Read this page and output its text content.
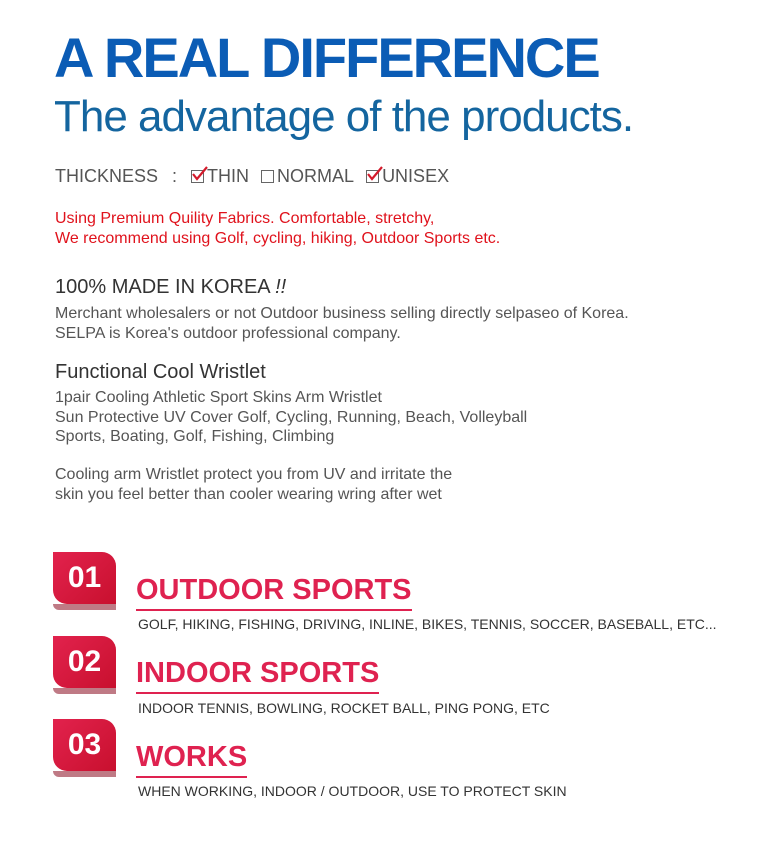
A REAL DIFFERENCE
The advantage of the products.
THICKNESS : THIN NORMAL UNISEX
Using Premium Quility Fabrics. Comfortable, stretchy,
We recommend using Golf, cycling, hiking, Outdoor Sports etc.
100% MADE IN KOREA !!
Merchant wholesalers or not Outdoor business selling directly selpaseo of Korea.
SELPA is Korea's outdoor professional company.
Functional Cool Wristlet
1pair Cooling Athletic Sport Skins Arm Wristlet
Sun Protective UV Cover Golf, Cycling, Running, Beach, Volleyball
Sports, Boating, Golf, Fishing, Climbing
Cooling arm Wristlet protect you from UV and irritate the
skin you feel better than cooler wearing wring after wet
01	OUTDOOR SPORTS
GOLF, HIKING, FISHING, DRIVING, INLINE, BIKES, TENNIS, SOCCER, BASEBALL, ETC...
02	INDOOR SPORTS
INDOOR TENNIS, BOWLING, ROCKET BALL, PING PONG, ETC
03	WORKS
WHEN WORKING, INDOOR / OUTDOOR, USE TO PROTECT SKIN
